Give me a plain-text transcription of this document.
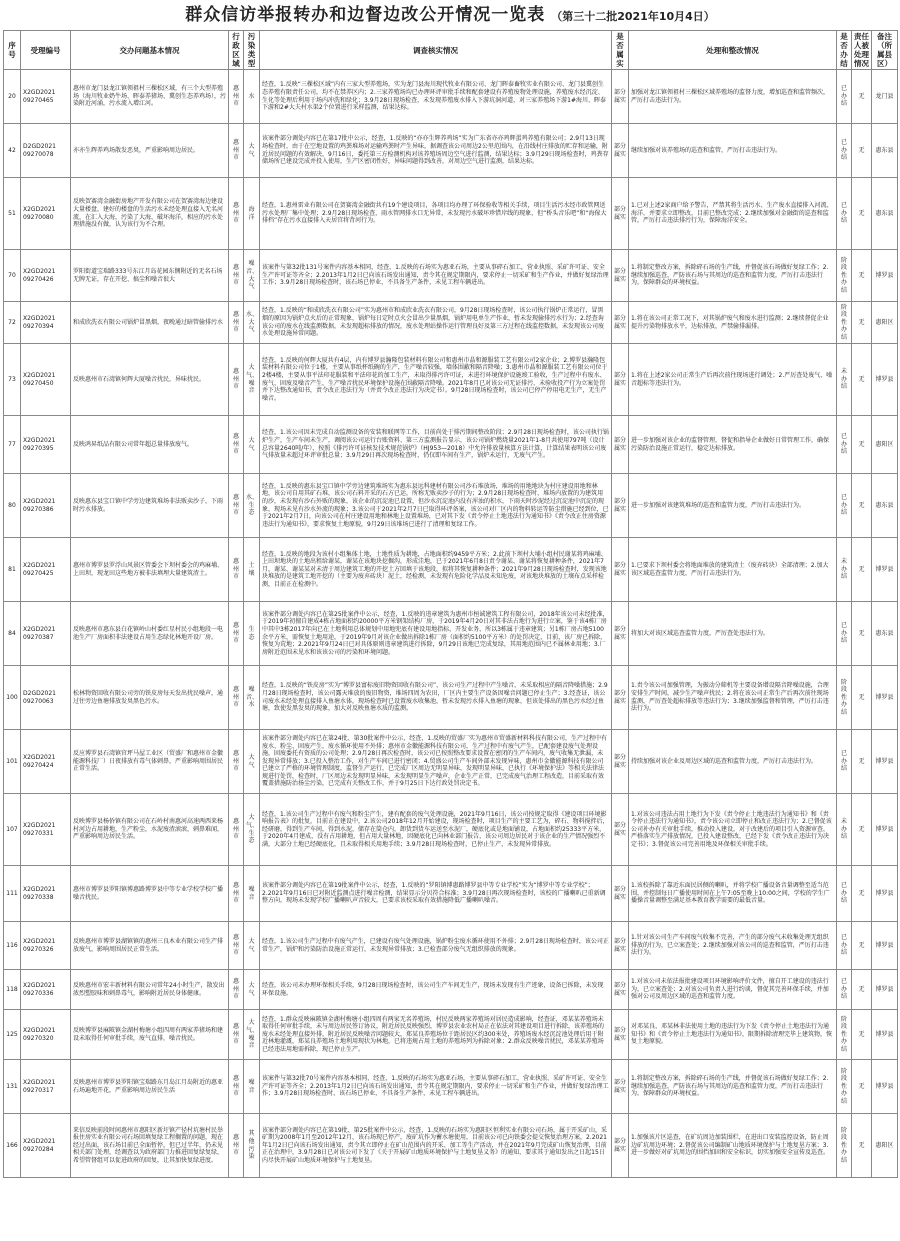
群众信访举报转办和边督边改公开情况一览表 （第三十二批2021年10月4日）
序号	受理编号	交办问题基本情况	行政区域	污染类型	调查核实情况	是否属实	处理和整改情况	是否办结	责任人被处理情况	备注（所属县区）
20	X2GD2021 09270465	惠州市龙门县龙江镇领祖村三棵松区域，有三个大型养殖场（海川牧业奶牛场、晖泰养猪场、冀创生态养鸡场），污染附近河涌，污水流入增江河。	惠州市	水	经查，1.反映“三棵松区域”内有三家大型养殖场，实为龙门县海川现代牧业有限公司、龙门晖泰畜牧实业有限公司、龙门县冀创生态养殖有限责任公司，均不在禁养区内；2.三家养殖场均已办理环评审批手续和配套建设有养殖废物处理设施，养殖废水经沉淀、生化等处理后利用于场内冲洗和绿化；3.9月28日现场检查，未发现养殖废水排入下游坑洞河道，对三家养殖场下游1#海川、晖泰下游和2#大夫村水渠2个位置进行采样监测，结果达标。	部分属实	加强对龙江镇领祖村三棵松区域养殖场的监督力度，增加巡查和监管频次，严厉打击违法行为。	已办结	无	龙门县
42	D2GD2021 09270078	亦亦生辉养鸡场散发恶臭，严重影响周边居民。	惠州市	大气	该案件部分调处内容已在第17批中公示，经查，1.反映的“亦亦生辉养鸡场”实为广东省亦亦鸡辉蛋鸡养殖有限公司；2.9月13日现场检查时，由于在空地设置的鸡粪堆场对运输鸡粪时产生异味，据调查该公司周边2公里范围内，在沿线村庄排放的贮存和运输，附近居民问题的有效解决，9月16日，委托第三方检测机构对该养殖场周边空气进行监测，结果达标；3.9月29日现场检查时，鸡粪存储场所已建设完成并投入使用，生产区密闭性好，异味问题得到改善，对周边空气进行监测，结果达标。	部分属实	继续加强对该养殖场的巡查和监管，严厉打击违法行为。	已办结	无	惠东县
51	X2GD2021 09270080	反映贺赛湾金融街房地产开发有限公司在贺赛湾海边建设大量楼盘，建好的楼盘的生活污水未经处理直接入无名河流，在汇入大海，污染了大海，破坏海洋，相应的污水处理措施没有做，认为该行为不合理。	惠州市	海洋	经查，1.惠州雷业有限公司在贺赛湾金融街共有19个建设项目，各项目均办理了环保验收等相关手续，项目生活污水经市政管网送污水处理厂集中处理；2.9月28日现场检查，雨水管网排水口无异常，未发现污水破坏珍惜岸线的现象，但“桥头音乐吧”和“海傢大排档”存在污水直接排入天居宫将背河行为。	部分属实	1.已对上述2家商户给予警告，严禁其将生活污水、生产废水直接排入河流、海洋，并要求立即整改，目前已整改完成；2.继续加强对金融街的巡查和监管，严厉打击违法排污行为，保障海洋安全。	已办结	无	惠东县
70	X2GD2021 09270426	罗阳街道宝瑞路333号东江月岛花园东侧附近的无名石场无牌无证，存在开挖、搞尘和噪音很大	惠州市	噪音、大气	该案件与第32批131号案件内容基本相同，经查，1.反映的石场实为惠亚石场，主要从事碎石加工，营业执照、采矿许可证、安全生产许可证等齐全；2.2013年1月2日已向该石场发出通知，责令其在规定期限内，要求停止一切采矿和生产作业，并做好复绿治理工作；3.9月28日现场检查时，该石场已停业，不具备生产条件，未见工程车辆进出。	部分属实	1.将制定整改方案，拆除碎石场的生产线，并督促该石场做好复绿工作；2.继续加强巡查，严防该石场与其周边的巡查和监管力度，严厉打击违法行为，保障群众的环境权益。	阶段性办结	无	博罗县
72	X2GD2021 09270394	和成欣洗衣有限公司锅炉冒黑烟，夜晚通过暗管偷排污水	惠州市	水、大气	经查，1.反映的“和成欣洗衣有限公司”实为惠州市和成欣业洗衣有限公司，9月28日现场检查时，该公司执行锅炉正常运行，冒黑烟的原因为锅炉点火后的正常现象，锅炉每日定时点火会冒出少量黑烟，锅炉用电单生产作业，暂未发现偷排污水行为；2.经查询该公司的废水在线监测数据，未发现超标排放的情况，废水处理站操作运行管理良好及第三方过程在线监控数据，未发现该公司废水处理设施异常问题。	部分属实	1.将在该公司正常工况下，对其锅炉废气和废水进行监测；2.继续督促企业提升污染物排放水平，达标排放，严禁偷排漏排。	阶段性办结	无	惠阳区
73	X2GD2021 09270450	反映惠州市石湾镇何辉大厦噪音扰民，异味扰民。	惠州市	大气、噪音	经查，1.反映的何辉大厦共有4层，内有博罗县瀚隆包装材料有限公司和惠州市晶和源服装工艺有限公司2家企业；2.博罗县瀚隆包装材料有限公司位于1楼，主要从事纸杯纸碗的生产，生产噪音较强，墙体围蔽和隔音降噪；3.惠州市晶和源服装工艺有限公司位于2楼4楼，主要从事平法印花服装和平法印花的加工生产，未取得排污许可证，未进行环境保护设施竣工验收，生产过程中有废水、废气、固废及噪音产生，生产噪音扰民环境保护设施在围蔽隔音降噪。2021年8月已对该公司无证排污、未验收投产行为立案处罚并下达整改通知书，责令改正违法行为（并责令改正违法行为决定书）。9月28日现场检查时，该公司已停产停用电无生产，无生产噪音。	部分属实	1.将在上述2家公司正常生产后再次前往现场进行调处；2.严厉查处废气、噪音超标等违法行为。	未办结	无	博罗县
77	X2GD2021 09270395	反映鸿昇纸品有限公司常年超总量排放废气。	惠州市	大气	经查，1.该公司因未完成自动监测设备的安装和联网等工作，目前尚处于排污期间整改阶段；2.9月28日现场检查时，该公司执行锅炉生产，生产车间未生产，调阅该公司运行台账资料、第三方监测报告显示，该公司锅炉燃烧量2021年1-8月共使用797吨（设计总容量2640吨/年），按照《排污许可证核发技术规范锅炉》（HJ953—2018）中允许排放量核算方法计算，计算结果表明该公司废气排放量未超过环评审批总量；3.9月29日再次现场检查时，仍仅即车间有生产，锅炉未运行，无废气产生。	部分属实	进一步加强对该企业的监督管理，督促和指导企业做好日常管理工作，确保污染防治设施正常运行，稳定达标排放。	已办结	无	惠阳区
80	X2GD2021 09270386	反映惠东县宝口镇中学旁边建筑堆场非法贩卖沙子，下雨时污水排放。	惠州市	水、生态	经查，1.反映的惠东县宝口镇中学旁边建筑堆场实为惠东县远科建材有限公司沙石堆放场，堆场的用地地块为村庄建设用地和林地，该公司自用其矿石堆，该公司石料开采的石方已运，所称无贩卖沙子的行为；2.9月28日现场检查时，堆场内放置的为建筑用的沙，未发现有沙石外贩的现象，该企业的沉淀池已设置，但沙水沉淀池内没有浑浊的积水，下雨天时沙泥经过沉淀池中沉淀的现象，现场未见有沙水外流的现象；3.该公司于2021年2月7日已取得环评备案，该公司对厂区内的物料转运等防尘措施已经到位，已于2021年2月7日，向该公司在村庄建设用地和林地上设置堆场，已对其下发《责令停止土地违法行为通知书》《责令改正住房资源违法行为通知书》，要求恢复土地原貌，9月29日该堆场已进行了清理和复绿工作。	部分属实	进一步加强对该建筑堆场的巡查和监管力度，严厉打击违法行为。	已办结	无	惠东县
81	X2GD2021 09270425	惠州市博罗县罗浮山风景区管委会下坝村委会的鸡麻埔、上田坝，现龙田这些地方被非法填埋大量建筑渣土。	惠州市	土壤	经查，1.反映的地段为该村小组集体土地，土地性质为耕地，占地面积约9459平方米；2.此前下坝村大埔小组村民谢某将鸡麻埔、上田坝地块的土地出租给谢某，谢某在该地块挖掘沟，形成洼地，已于2021年6月8日责令谢某、谢某将恢复耕种条件，2021年7月，谢某、谢某某对未清于周边建筑工地的开挖土方回填于该地段，拟将其恢复耕种条件；2021年9月28日现场检查时，发现该地块堆放的是建筑工地开挖的（主要为废弃砖块）泥土，经检测，未发现有危险化学品及未知危废，对该地块堆放的土壤布点采样检测，目前正在检测中。	部分属实	1.已要求下坝村委会将地面堆放的建筑渣土（废弃砖块）全部清理；2.加大该区域巡查监管力度，严厉打击违法行为。	未办结	无	博罗县
84	X2GD2021 09270387	反映惠州市惠东县白花镇岭山村委红星村民小组地段一电池生产厂房面积非法建设占用生态绿化林地开设厂房。	惠州市	生态	该案件部分调处内容已在第25批案件中公示，经查，1.反映的违章建筑为惠州市桓诚建筑工程有限公司，2018年该公司未经批准，于2019年初擅自建成4栋占地面积约20000平方米钢架结构厂房，于2019年4月20日对其非法占地行为进行立案，鉴于该4栋厂房中其中3栋2017年向已在土地利用总体规划中用地兜底有建设用地指标，开发业务，所以3栋属于违章建筑；另1栋厂房占地5100余平方米，需恢复土地用途，于2019年9月对该企业做出拆除1栋厂房（面积约5100平方米）的处罚决定，目前，该厂房已拆除，恢复为荒地；2.2021年9月24日已对具体原则违章建筑进行拆除，9月29日该地已完成复绿，其用地范围内已不属林业用地；3.厂房附近范围未见水和该该公司的污染和环境问题。	部分属实	将加大对该区域巡查监管力度，严厉查处违法行为。	已办结	无	惠东县
100	D2GD2021 09270063	松林物资回收有限公司旁的铁皮房每天发出扰民噪声，通过往旁边鱼塘排放发臭黑色污水。	惠州市	噪音、水	经查，1.反映的“铁皮房”实为“博罗县富标废旧物资回收有限公司”，该公司生产过程中产生噪音，未采取相应的隔音降噪措施；2.9月28日现场检查时，该公司露天堆放的废旧物资，堆场四周为农田，厂区内主要生产设备因噪音问题已停止生产；3.经查证，该公司废水未经处理直接排入鱼塘水体，现场检查时已设置废水收集池，暂未发现污水排入鱼塘的现象，但该处排出的黑色污水经过鱼塘，致使发黑发臭的现象，加大对反映鱼塘水质的监测。	部分属实	1.责令该公司加强管理，为振动分筛机等主要设备增设隔音降噪设施，合理安排生产时间，减少生产噪声扰民；2.将在该公司正常生产后再次前往现场监测，严厉查处超标排放等违法行为；3.继续加强监督和管理，严厉打击违法行为。	阶段性办结	无	博罗县
101	X2GD2021 09270424	反应博罗县石湾镇官坪马屋工业区（贸盛厂和惠州市金徽能源科技厂）日夜排放有毒气体刺鼻，严重影响周围居民正常生活。	惠州市	大气	该案件部分调处内容已在第24批、第30批案件中公示，经查，1.反映的贸盛厂实为惠州市贸盛新材料科技有限公司，生产过程中有废水、粉尘、固废产生，废水循环使用不外排；惠州市金徽能源科技有限公司，生产过程中有废气产生，已配套建设废气处理设施，固废委托有资质的公司处理；2.9月28日再次检查时，该公司已按照整改要求设置在密闭的生产车间内，废气收集无泄漏，未发现异常排放；3.已投入整治工作，对生产车间已进行密闭；4.贸盛公司生产车间外部未发现异味，惠州市金徽能源科技有限公司已建立了严格的环境管理制度，监督生产运行，已完成厂区周边无明显异味，发现明显异味，已执行《环境保护法》等相关法律法规进行处罚，检查时，厂区周边未发现明显异味，未发现明显生产噪声，企业生产正常，已完成废气治理工程改造，目前采取有效覆盖措施防治扬尘污染，已完成有关整改工作，并于9月25日下达行政处罚决定书。	部分属实	持续加强对该企业及周边区域的巡查和监管力度，严厉打击违法行为。	已办结	无	博罗县
107	X2GD2021 09270331	反映博罗县杨侨镇有限公司在石岭村南惠河高速两西来杨村河边占用耕地，生产粉尘，水泥废渣滚滚，刺鼻难闻，严重影响周边居民生活。	惠州市	大气、生态	经查，1.该公司生产过程中有废气和粉尘产生，建有配套的废气处理设施，2021年9月16日，该公司按规定取得《建设项目环境影响报告表》的批复，目前正在建设中，2.该公司2018年12月开始建设，现场检查时，项目生产的主要工艺为，碎石、物料搅拌后，经研磨，得到生产车间，得到水泥，储存在筒仓内，卸货到货车运送至水泥厂，硬底化或是地面铺设，占地面积约25333平方米，于2020年4月建成，没有占用耕地，但占用大量林地，因硬底化已向林业部门报告，该公司周边居民对于该企业的生产情况强烈不满，大部分土地已经硬底化，且未取得相关用地手续；3.9月28日现场检查时，已停止生产，未发现异常排放。	部分属实	1.对该公司违法占用土地行为下发《责令停止土地违法行为通知书》和《责令停止违法行为通知书》，责令该公司立即停止和改正违法行为；2.已督促该公司补办有关审批手续，推动投入建设，对于改建后的项目引入资源审查，严格落实生产排放情况，已投入建设整改，已经下发《责令改正违法行为决定书》；3.督促该公司完善用地及环保相关审批手续。	未办结	无	博罗县
111	X2GD2021 09270338	惠州市博罗县罗阳镇博惠路博罗县中等专业学校学校广播噪音扰民。	惠州市	噪音	该案件部分调处内容已在第19批案件中公示，经查，1.反映的“罗阳镇博惠路博罗县中等专业学校”实为“博罗中等专业学校”；2.2021年9月16日已对附近监测点进行噪音检测，结果显示分贝符合标准；3.9月28日再次现场检查时，该校的广播喇叭已重新调整方向，现场未发现学校广播喇叭声音较大，已要求该校采取有效措施降低广播喇叭噪音。	部分属实	1.该校拆除了靠近东面民居侧的喇叭，并将学校广播设备音量调整至适当范围，并控制每日广播使用时间在上午7:05至晚上10:00之间，学校的学生广播操音量调整至满足基本教育教学需要的最低音量。	已办结	无	博罗县
116	X2GD2021 09270326	反映惠州市博罗县湖镇镇的惠州三良木业有限公司生产排放废气，影响周围居民正常生活。	惠州市	大气	经查，1.该公司生产过程中有废气产生，已建设有废气处理设施，锅炉粉尘废水循环使用不外排；2.9月28日现场检查时，该公司正常生产，锅炉和污染防治设施正常运行，未发现异常排放；3.已检查部分废气无组织排放的现象。	部分属实	1.针对该公司生产车间废气收集不完善，产生的部分废气未收集处理无组织排放的行为，已立案查处；2.继续加强对该公司的巡查和监管，严厉打击违法行为。	已办结	无	博罗县
118	X2GD2021 09270336	反映惠州市宏丰新材料有限公司常年24小时生产，散发出浓烈塑胶味和刺鼻毒气，影响附近居民身体健康。	惠州市	大气	经查，该公司未办理环保相关手续，9月28日现场检查时，该公司生产车间无生产，现场未发现有生产迹象，设备已拆除，未发现环保设施。	部分属实	1.对该公司未依法报批建设项目环境影响评价文件，擅自开工建设的违法行为，已立案查处；2.对该公司负责人进行约谈，督促其完善环保手续，并加强对公司及周边区域的巡查和监管力度。	已办结	无	博罗县
125	X2GD2021 09270320	反映博罗县麻陂镇金湖村梅塘小组四周有两家养猪场和建设未取得任何审批手续，废气直排，噪音扰民。	惠州市	大气、噪音	经查，1.群众反映麻陂镇金湖村梅塘小组四周有两家无名养殖场，村民反映两家养殖场对居民造成影响，经查证，邓某某养殖场未取得任何审批手续，未与周边居民签订协议，附近居民反映强烈，博罗县农业农村局正在依法对其建设项目进行拆除，该养殖场的废水未经处理直接外排，附近居民反映噪音问题较大，郑某良养殖场位于距居民区约300米处，养殖场废水经沉淀池处理后用于附近林地灌溉，郑某良养殖场土地利用现状为林地，已将违规占用土地的养殖场列为拆除对象；2.群众反映噪音扰民，邓某某养殖场已经违法用地需拆除，现已停止生产。	部分属实	对邓某良、邓某林非法使用土地的违法行为下发《责令停止土地违法行为通知书》和《责令停止土地违法行为通知书》，限期拆除清理完毕上建筑物，恢复土地原貌。	阶段性办结	无	博罗县
131	X2GD2021 09270317	反映惠州市博罗县罗阳镇宝瑞路东月岛江月岛附近的惠亚石场遍地开花，严重影响周边居民生活	惠州市	噪音	该案件与第32批70号案件内容基本相同，经查，1.反映的石场实为惠亚石场，主要从事碎石加工，营业执照、采矿许可证、安全生产许可证等齐全；2.2013年1月2日已向该石场发出通知，责令其在规定期限内，要求停止一切采矿和生产作业，并做好复绿治理工作；3.9月28日现场检查时，该石场已停业，不具备生产条件，未见工程车辆进出。	部分属实	1.将制定整改方案，拆除碎石场的生产线，并督促该石场做好复绿工作；2.继续加强巡查，严防该石场与其周边的巡查和监管力度，严厉打击违法行为，保障群众的环境权益。	阶段性办结	无	博罗县
166	X2GD2021 09270284	来信反映前段时间惠州市惠阳区新圩镇产径村坑塘村民举报住房实业有限公司石场回填复绿工程搁置的问题，现在经过出面，该石场目前已全面暂停，但已过半年，仍未见相关部门处理，经调查以为政府部门力推进回复绿复绿，希望管督组可以促进政府的回复，让其加快复绿进度。	惠州市	其他污染	该案件部分调处内容已在第19批、第25批案件中公示，经查，1.反映的石场实为惠阳区恒利实业有限公司石场，属于开采矿山，采矿期为2008年1月至2012年12月，该石场现已停产，废矿坑作为蓄水塘使用，目前该公司已向铁委会提交恢复治理方案，2.2021年1月2日已向该石场发出通知，责令其立即停止在矿山范围内的开采、加工等生产活动，并在2021年9月完成矿山恢复治理，目前正在治理中，3.9月28日已对该公司下发了《关于开展矿山地质环境保护与土地复垦义务》的通知，要求其于通知发出之日起15日内尽快开展矿山地质环境保护与土地复垦。	部分属实	1.加强该片区巡查，在矿坑周边加装围栏，在进出口安装监控设备，防止周边矿坑周边环境；2.督促该公司编制矿山地质环境保护与土地复垦方案；3.进一步做好对矿坑周边的围挡加固和安全标识，切实加强安全宣传及巡查。	阶段性办结	无	惠阳区
